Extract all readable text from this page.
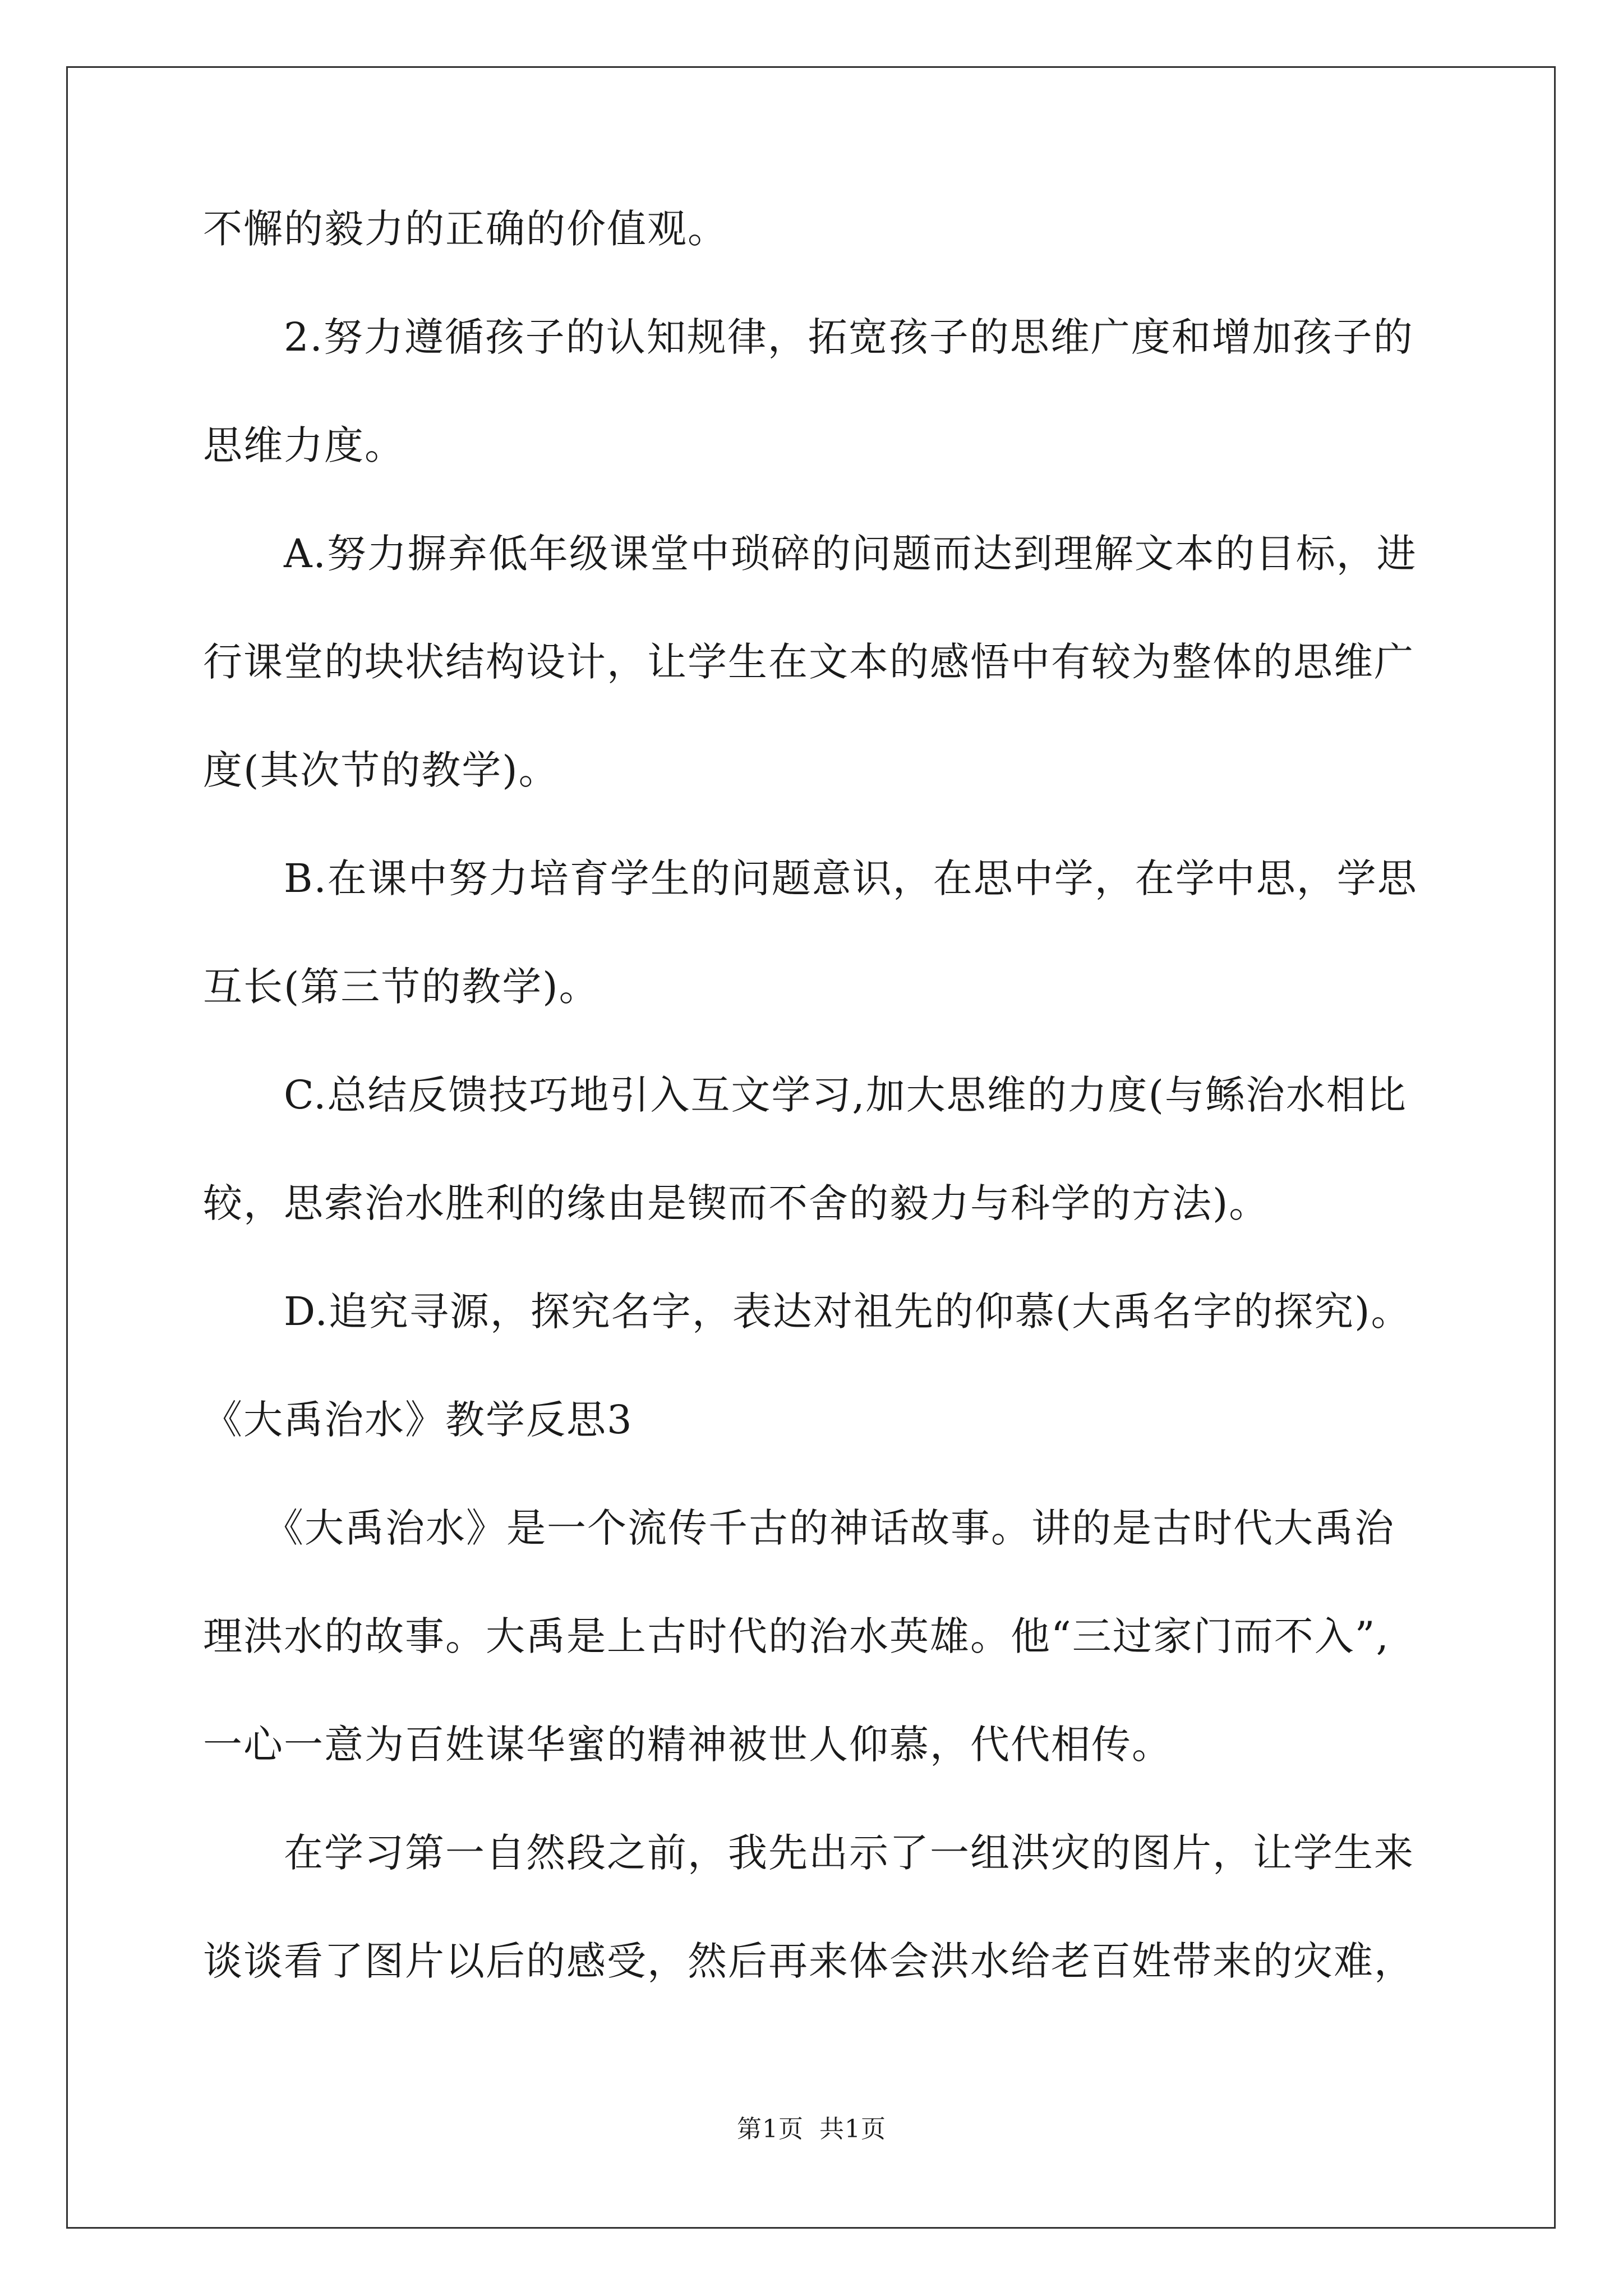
不懈的毅力的正确的价值观。
　　2.努力遵循孩子的认知规律，拓宽孩子的思维广度和增加孩子的
思维力度。
　　A.努力摒弃低年级课堂中琐碎的问题而达到理解文本的目标，进
行课堂的块状结构设计，让学生在文本的感悟中有较为整体的思维广
度(其次节的教学)。
　　B.在课中努力培育学生的问题意识，在思中学，在学中思，学思
互长(第三节的教学)。
　　C.总结反馈技巧地引入互文学习,加大思维的力度(与鲧治水相比
较，思索治水胜利的缘由是锲而不舍的毅力与科学的方法)。
　　D.追究寻源，探究名字，表达对祖先的仰慕(大禹名字的探究)。
《大禹治水》教学反思3
　　《大禹治水》是一个流传千古的神话故事。讲的是古时代大禹治
理洪水的故事。大禹是上古时代的治水英雄。他“三过家门而不入”,
一心一意为百姓谋华蜜的精神被世人仰慕，代代相传。
　　在学习第一自然段之前，我先出示了一组洪灾的图片，让学生来
谈谈看了图片以后的感受，然后再来体会洪水给老百姓带来的灾难，
第1页 共1页
